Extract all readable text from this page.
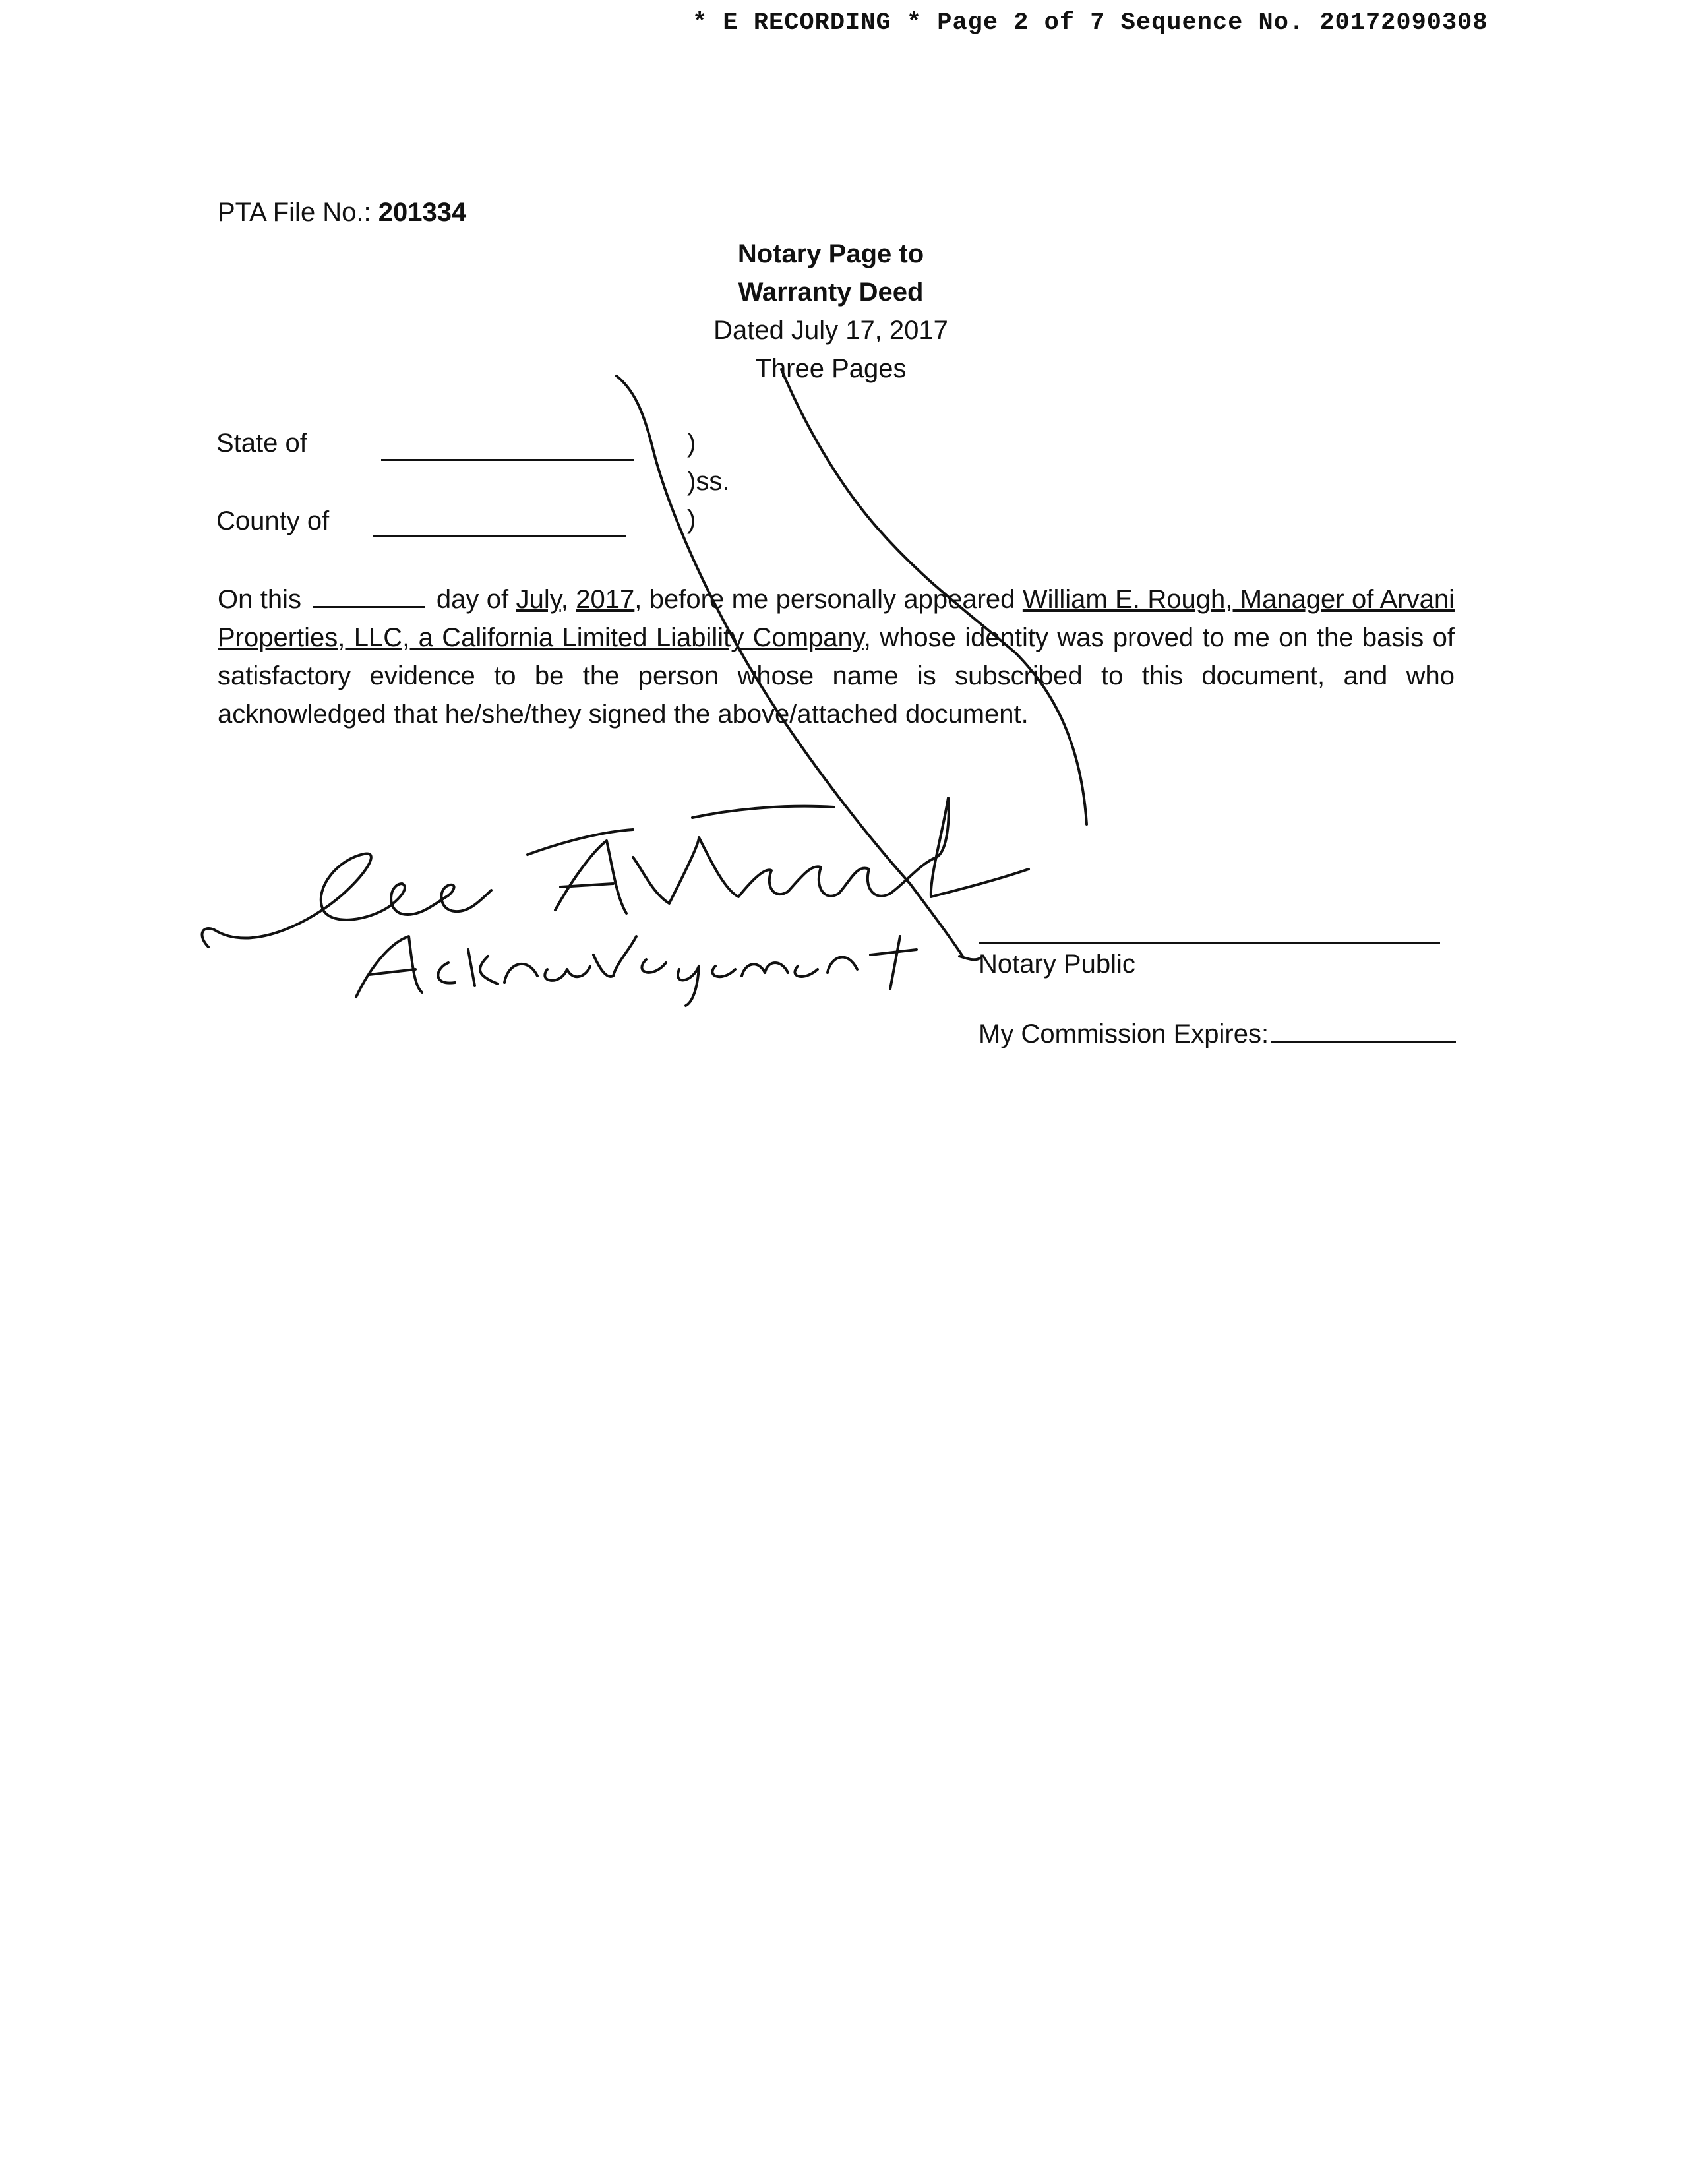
* E RECORDING * Page 2 of 7 Sequence No. 20172090308
PTA File No.: 201334
Notary Page to
Warranty Deed
Dated July 17, 2017
Three Pages
State of
County of
)
)ss.
)
On this	day of July, 2017, before me personally appeared William E. Rough, Manager of Arvani Properties, LLC, a California Limited Liability Company, whose identity was proved to me on the basis of satisfactory evidence to be the person whose name is subscribed to this document, and who acknowledged that he/she/they signed the above/attached document.
Notary Public
My Commission Expires:
